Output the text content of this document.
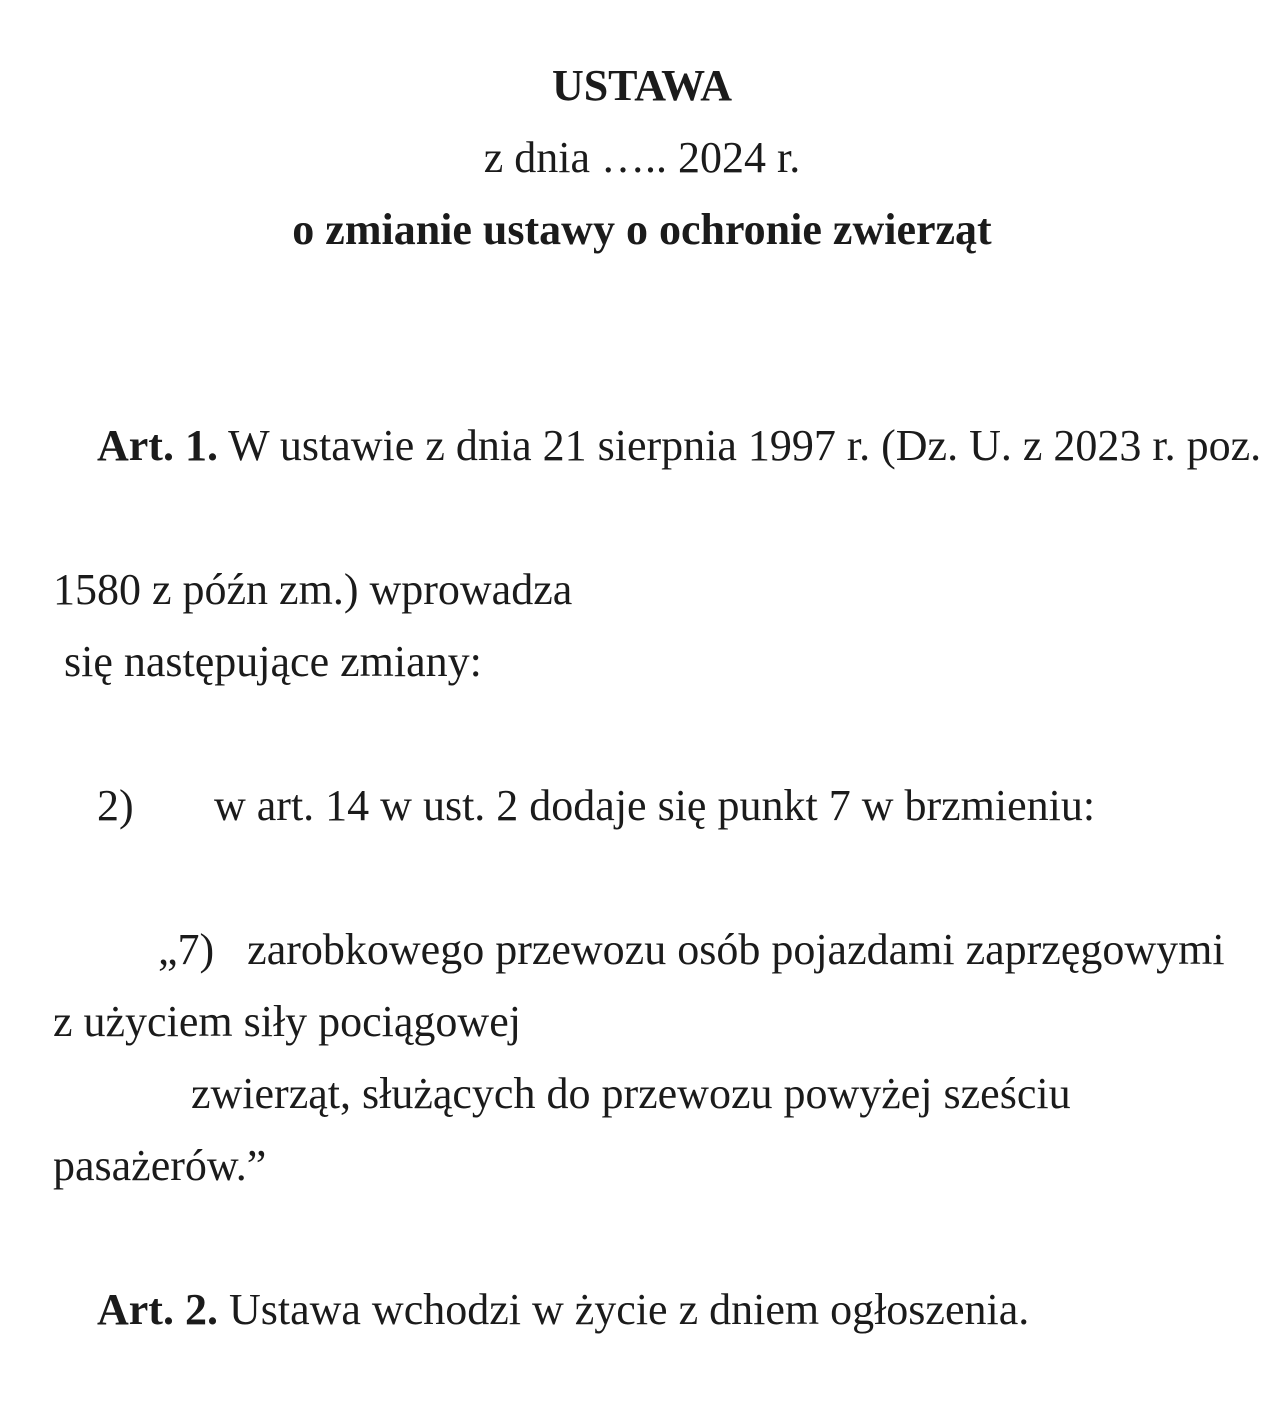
USTAWA
z dnia ….. 2024 r.
o zmianie ustawy o ochronie zwierząt

Art. 1. W ustawie z dnia 21 sierpnia 1997 r. (Dz. U. z 2023 r. poz.

1580 z późn zm.) wprowadza
się następujące zmiany:

2) w art. 14 w ust. 2 dodaje się punkt 7 w brzmieniu:

„7)   zarobkowego przewozu osób pojazdami zaprzęgowymi
z użyciem siły pociągowej
zwierząt, służących do przewozu powyżej sześciu
pasażerów.”

Art. 2. Ustawa wchodzi w życie z dniem ogłoszenia.
